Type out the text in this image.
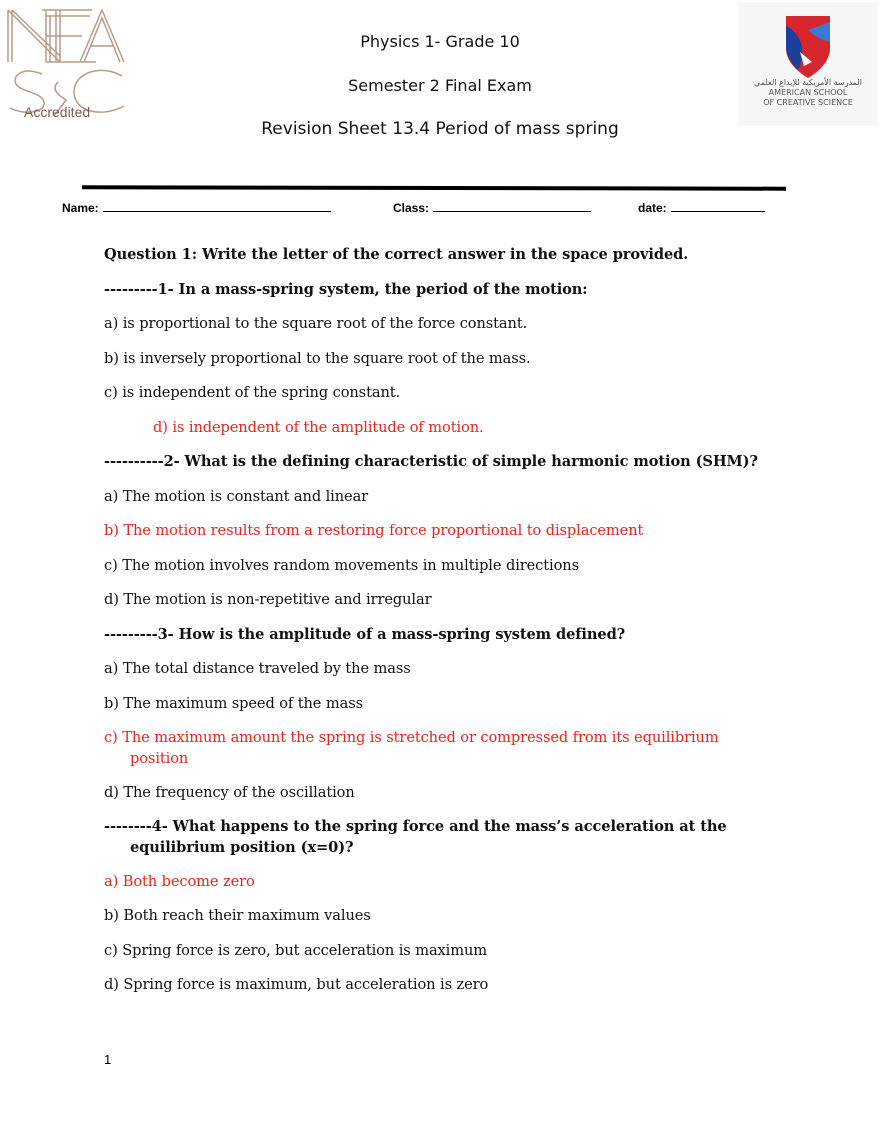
Accredited
المدرسة الأمريكية للإبداع العلمي
AMERICAN SCHOOL
OF CREATIVE SCIENCE
Physics 1- Grade 10
Semester 2 Final Exam
Revision Sheet 13.4 Period of mass spring
Name:	Class:	date:
Question 1: Write the letter of the correct answer in the space provided.
---------1- In a mass-spring system, the period of the motion:
a) is proportional to the square root of the force constant.
b) is inversely proportional to the square root of the mass.
c) is independent of the spring constant.
d) is independent of the amplitude of motion.
----------2- What is the defining characteristic of simple harmonic motion (SHM)?
a) The motion is constant and linear
b) The motion results from a restoring force proportional to displacement
c) The motion involves random movements in multiple directions
d) The motion is non-repetitive and irregular
---------3- How is the amplitude of a mass-spring system defined?
a) The total distance traveled by the mass
b) The maximum speed of the mass
c) The maximum amount the spring is stretched or compressed from its equilibrium
position
d) The frequency of the oscillation
--------4- What happens to the spring force and the mass’s acceleration at the
equilibrium position (x=0)?
a) Both become zero
b) Both reach their maximum values
c) Spring force is zero, but acceleration is maximum
d) Spring force is maximum, but acceleration is zero
1
